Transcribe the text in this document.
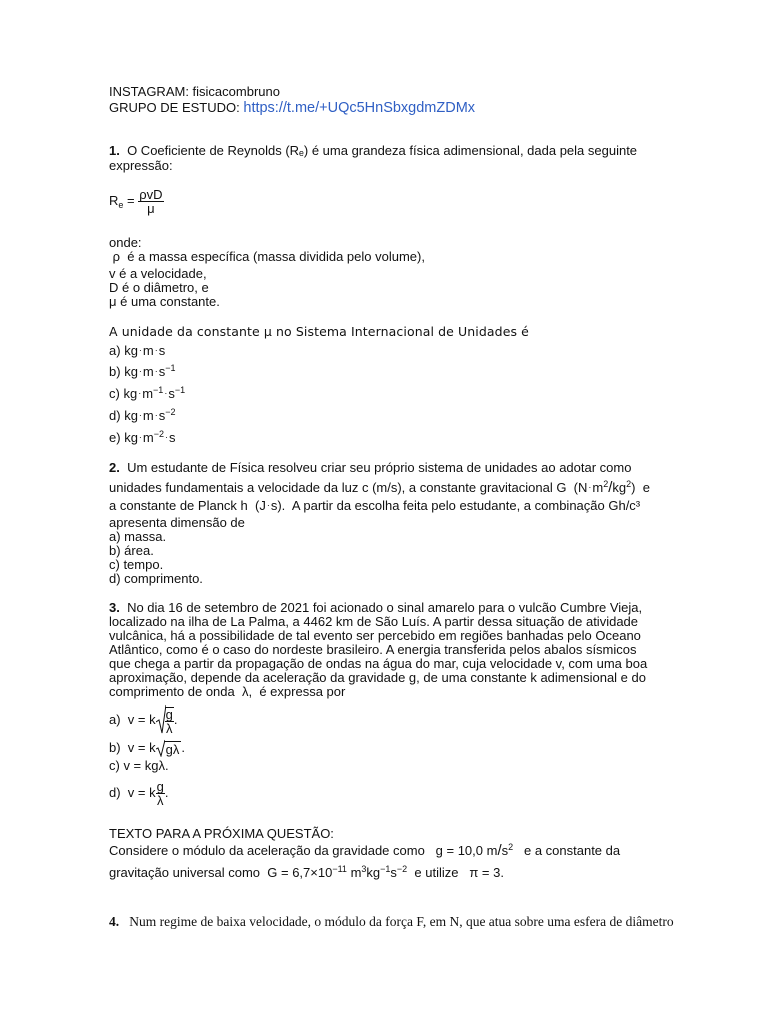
INSTAGRAM: fisicacombruno
GRUPO DE ESTUDO: https://t.me/+UQc5HnSbxgdmZDMx
1. O Coeficiente de Reynolds (Rₑ) é uma grandeza física adimensional, dada pela seguinte
expressão:
$R_e = \frac{\text{ρvD}}{\mu}$
onde:
ρ é a massa específica (massa dividida pelo volume),
v é a velocidade,
D é o diâmetro, e
μ é uma constante.
A unidade da constante μ no Sistema Internacional de Unidades é
a) kg·m·s
b) $kg\cdot m\cdot s^{-1}$
c) $kg\cdot m^{-1}\cdot s^{-1}$
d) $kg\cdot m\cdot s^{-2}$
e) $kg\cdot m^{-2}\cdot s$
2. Um estudante de Física resolveu criar seu próprio sistema de unidades ao adotar como
unidades fundamentais a velocidade da luz c (m/s), a constante gravitacional G $(N\cdot m^2/kg^2)$ e
a constante de Planck h (J·s). A partir da escolha feita pelo estudante, a combinação Gh/c³
apresenta dimensão de
a) massa.
b) área.
c) tempo.
d) comprimento.
3. No dia 16 de setembro de 2021 foi acionado o sinal amarelo para o vulcão Cumbre Vieja,
localizado na ilha de La Palma, a 4462 km de São Luís. A partir dessa situação de atividade
vulcânica, há a possibilidade de tal evento ser percebido em regiões banhadas pelo Oceano
Atlântico, como é o caso do nordeste brasileiro. A energia transferida pelos abalos sísmicos
que chega a partir da propagação de ondas na água do mar, cuja velocidade v, com uma boa
aproximação, depende da aceleração da gravidade g, de uma constante k adimensional e do
comprimento de onda λ, é expressa por
a) v = k $\frac{g}{\lambda}$ .
b) v = k gλ .
c) v = kgλ.
d) v = k $\frac{g}{\lambda}$ .
TEXTO PARA A PRÓXIMA QUESTÃO:
Considere o módulo da aceleração da gravidade como g = 10,0 $m/s^2$ e a constante da
gravitação universal como $G = 6,7\times 10^{-11}$ $m^3kg^{-1}s^{-2}$ e utilize π = 3.
4. Num regime de baixa velocidade, o módulo da força F, em N, que atua sobre uma esfera de diâmetro
